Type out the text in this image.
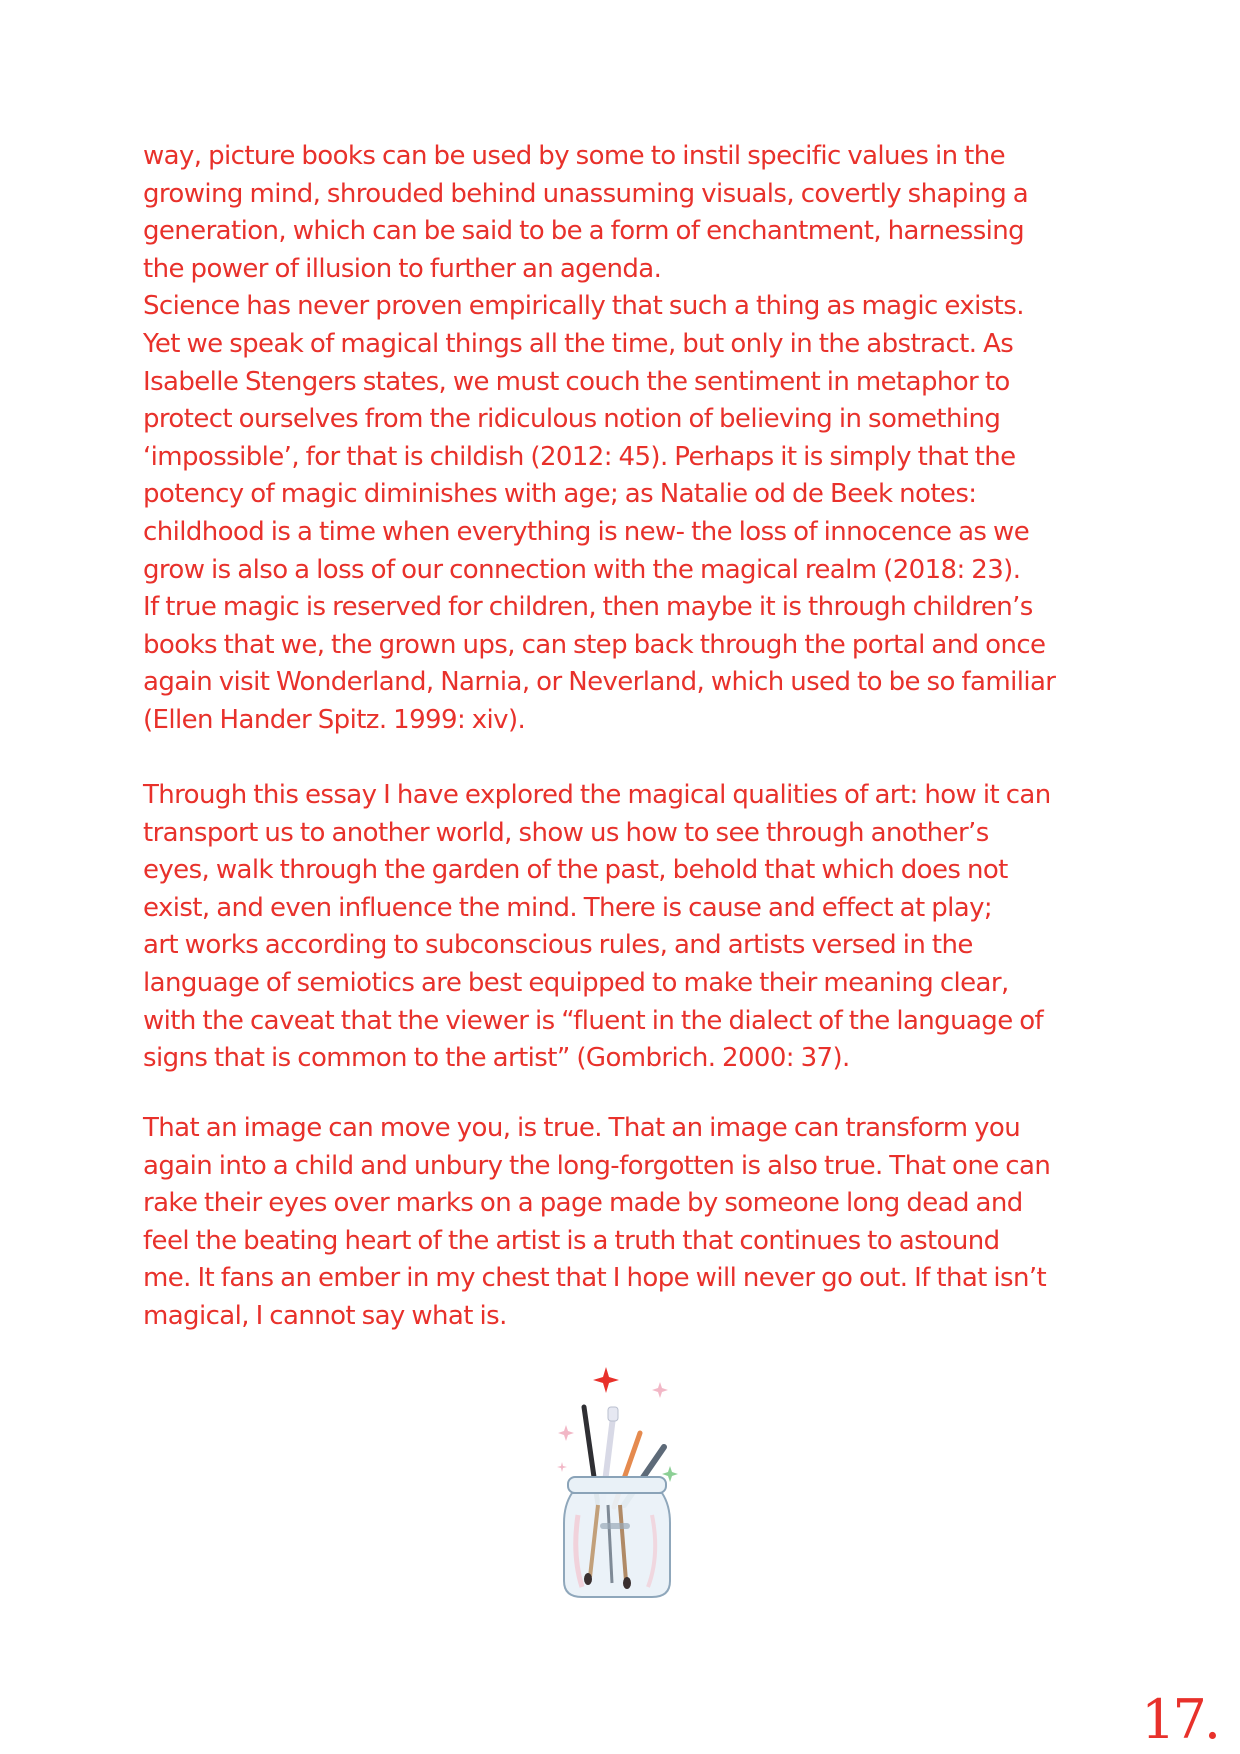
way, picture books can be used by some to instil specific values in the
growing mind, shrouded behind unassuming visuals, covertly shaping a
generation, which can be said to be a form of enchantment, harnessing
the power of illusion to further an agenda.
Science has never proven empirically that such a thing as magic exists.
Yet we speak of magical things all the time, but only in the abstract. As
Isabelle Stengers states, we must couch the sentiment in metaphor to
protect ourselves from the ridiculous notion of believing in something
‘impossible’, for that is childish (2012: 45). Perhaps it is simply that the
potency of magic diminishes with age; as Natalie od de Beek notes:
childhood is a time when everything is new- the loss of innocence as we
grow is also a loss of our connection with the magical realm (2018: 23).
If true magic is reserved for children, then maybe it is through children’s
books that we, the grown ups, can step back through the portal and once
again visit Wonderland, Narnia, or Neverland, which used to be so familiar
(Ellen Hander Spitz. 1999: xiv).
Through this essay I have explored the magical qualities of art: how it can
transport us to another world, show us how to see through another’s
eyes, walk through the garden of the past, behold that which does not
exist, and even influence the mind. There is cause and effect at play;
art works according to subconscious rules, and artists versed in the
language of semiotics are best equipped to make their meaning clear,
with the caveat that the viewer is “fluent in the dialect of the language of
signs that is common to the artist” (Gombrich. 2000: 37).
That an image can move you, is true. That an image can transform you
again into a child and unbury the long-forgotten is also true. That one can
rake their eyes over marks on a page made by someone long dead and
feel the beating heart of the artist is a truth that continues to astound
me. It fans an ember in my chest that I hope will never go out. If that isn’t
magical, I cannot say what is.
17.
